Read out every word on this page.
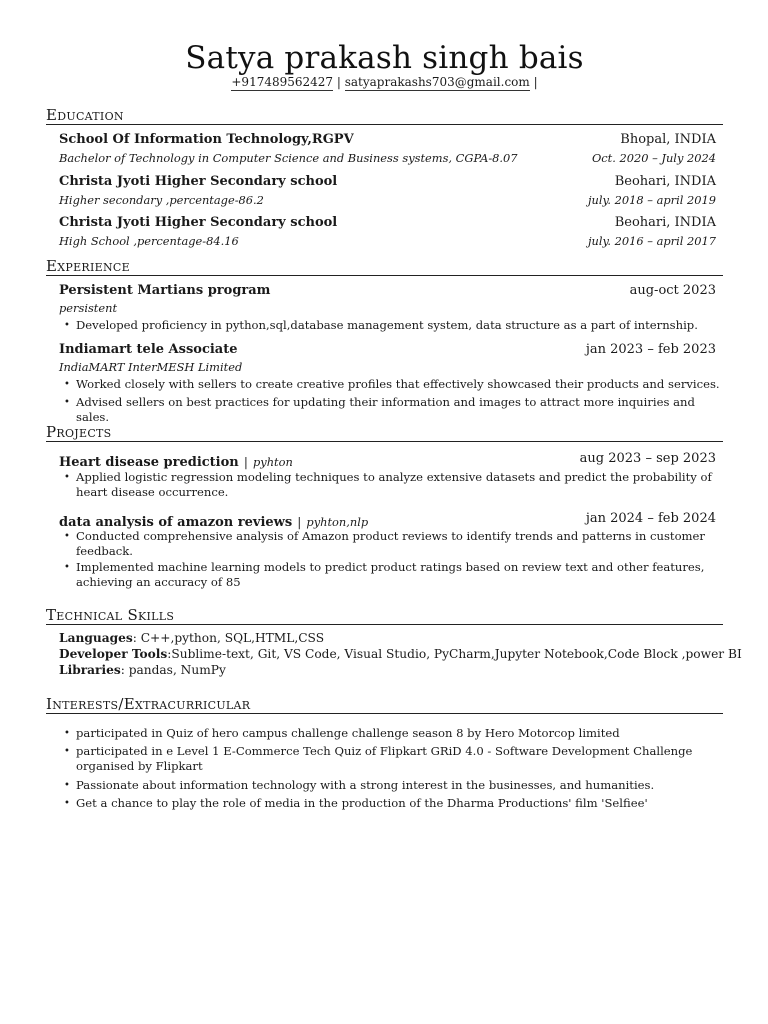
Satya prakash singh bais
+917489562427 | satyaprakashs703@gmail.com |
Education
School Of Information Technology,RGPV	Bhopal, INDIA
Bachelor of Technology in Computer Science and Business systems, CGPA-8.07	Oct. 2020 – July 2024
Christa Jyoti Higher Secondary school	Beohari, INDIA
Higher secondary ,percentage-86.2	july. 2018 – april 2019
Christa Jyoti Higher Secondary school	Beohari, INDIA
High School ,percentage-84.16	july. 2016 – april 2017
Experience
Persistent Martians program	aug-oct 2023
persistent
• Developed proficiency in python,sql,database management system, data structure as a part of internship.
Indiamart tele Associate	jan 2023 – feb 2023
IndiaMART InterMESH Limited
• Worked closely with sellers to create creative profiles that effectively showcased their products and services.
• Advised sellers on best practices for updating their information and images to attract more inquiries and sales.
Projects
Heart disease prediction | pyhton	aug 2023 – sep 2023
• Applied logistic regression modeling techniques to analyze extensive datasets and predict the probability of heart disease occurrence.
data analysis of amazon reviews | pyhton,nlp	jan 2024 – feb 2024
• Conducted comprehensive analysis of Amazon product reviews to identify trends and patterns in customer feedback.
• Implemented machine learning models to predict product ratings based on review text and other features, achieving an accuracy of 85
Technical Skills
Languages: C++,python, SQL,HTML,CSS
Developer Tools:Sublime-text, Git, VS Code, Visual Studio, PyCharm,Jupyter Notebook,Code Block ,power BI
Libraries: pandas, NumPy
Interests/Extracurricular
• participated in Quiz of hero campus challenge challenge season 8 by Hero Motorcop limited
• participated in e Level 1 E-Commerce Tech Quiz of Flipkart GRiD 4.0 - Software Development Challenge organised by Flipkart
• Passionate about information technology with a strong interest in the businesses, and humanities.
• Get a chance to play the role of media in the production of the Dharma Productions' film 'Selfiee'
